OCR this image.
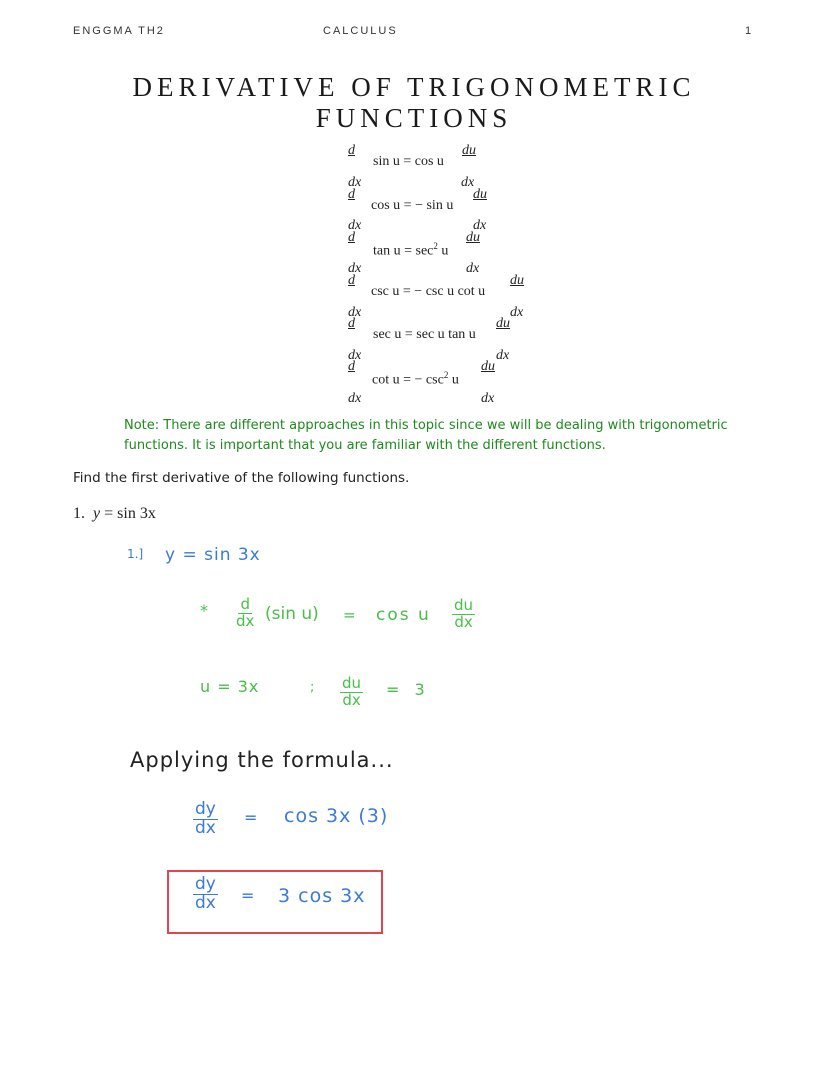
ENGGMA TH2	CALCULUS	1
DERIVATIVE OF TRIGONOMETRIC
FUNCTIONS
d
sin u = cos u
du
dx	dx
d
cos u = − sin u
du
dx	dx
d
$\tan u = \sec^2 u$
du
dx	dx
d
csc u = − csc u cot u
du
dx	dx
d
sec u = sec u tan u
du
dx	dx
d
cot u = − $\csc^2 u$
du
dx	dx
Note: There are different approaches in this topic since we will be dealing with trigonometric functions. It is important that you are familiar with the different functions.
Find the first derivative of the following functions.
1. y = sin 3x
1.] y = sin 3x
* $\frac{d}{dx} (\sin$ u) = cos u $\frac{du}{dx}$
u = 3x	; $\frac{du}{dx} = 3$
Applying the formula...
$\frac{dy}{dx} = \cos 3x$ (3)
$\frac{dy}{dx} = 3$ cos 3x
